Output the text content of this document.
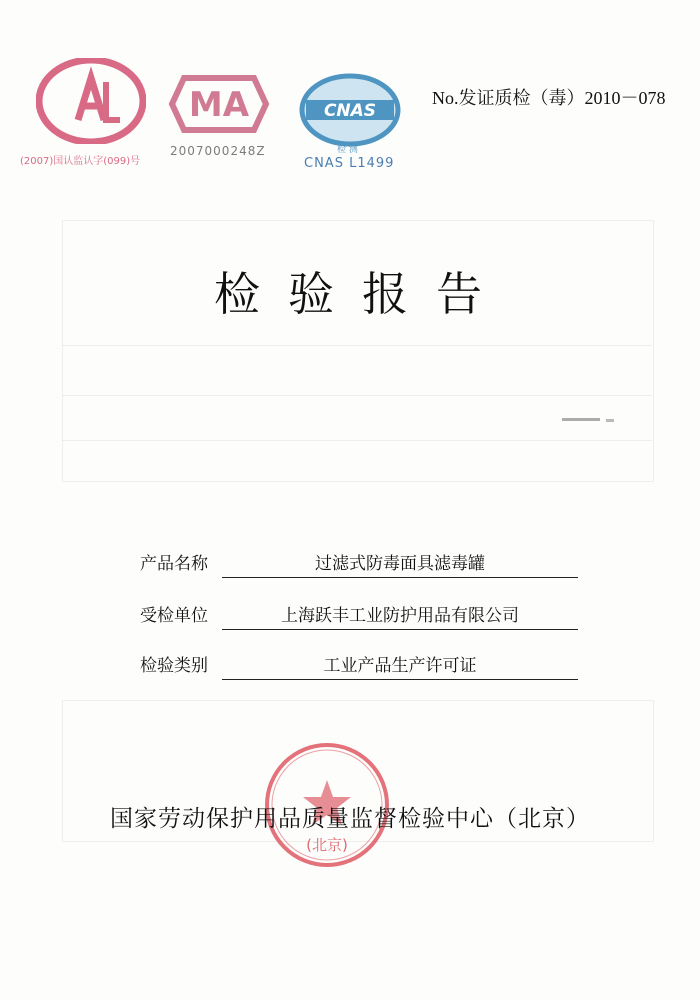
(2007)国认监认字(099)号
MA
2007000248Z
CNAS
检 测
CNAS L1499
No.发证质检（毒）2010－078
检验报告
产品名称	过滤式防毒面具滤毒罐
受检单位	上海跃丰工业防护用品有限公司
检验类别	工业产品生产许可证
(北京)
国家劳动保护用品质量监督检验中心（北京）
